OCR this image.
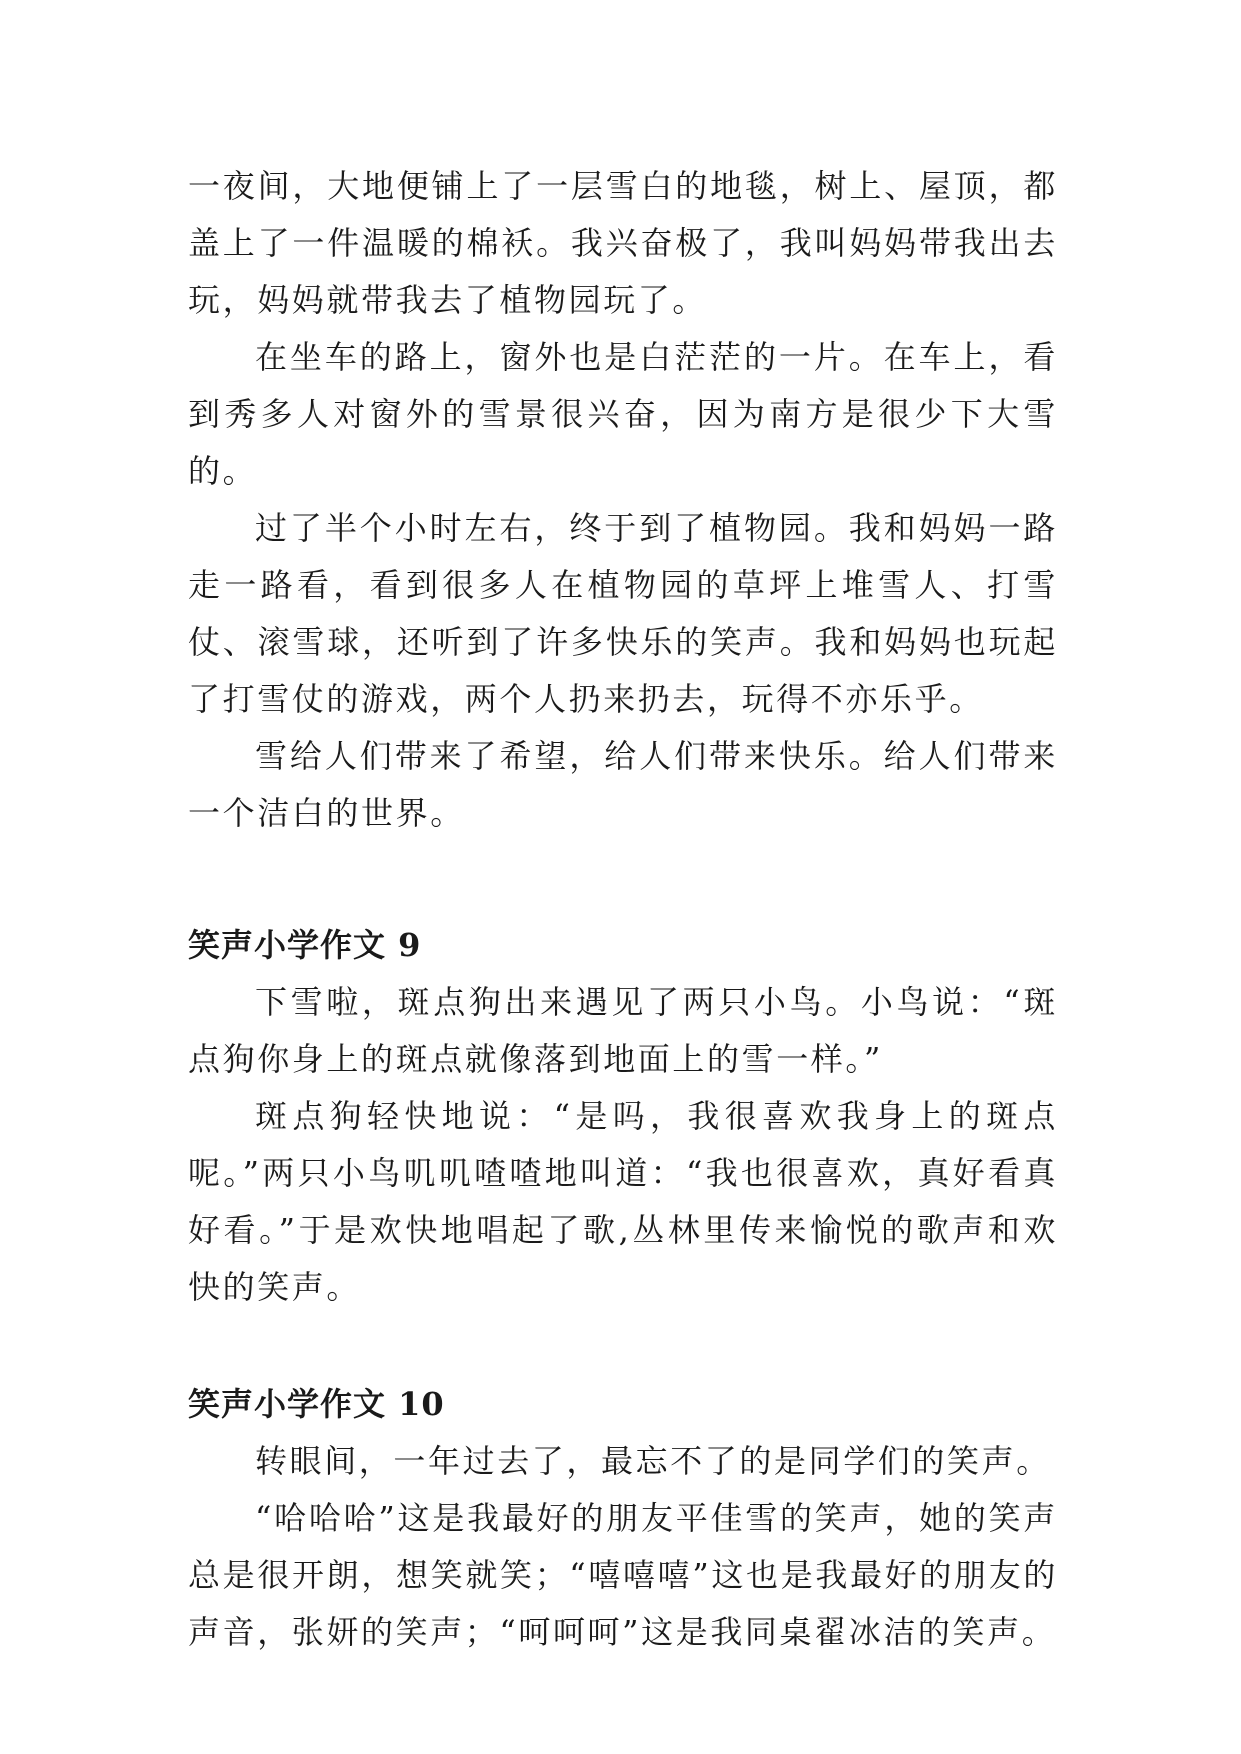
一夜间，大地便铺上了一层雪白的地毯，树上、屋顶，都盖上了一件温暖的棉袄。我兴奋极了，我叫妈妈带我出去玩，妈妈就带我去了植物园玩了。

在坐车的路上，窗外也是白茫茫的一片。在车上，看到秀多人对窗外的雪景很兴奋，因为南方是很少下大雪的。

过了半个小时左右，终于到了植物园。我和妈妈一路走一路看，看到很多人在植物园的草坪上堆雪人、打雪仗、滚雪球，还听到了许多快乐的笑声。我和妈妈也玩起了打雪仗的游戏，两个人扔来扔去，玩得不亦乐乎。

雪给人们带来了希望，给人们带来快乐。给人们带来一个洁白的世界。

笑声小学作文 9

下雪啦，斑点狗出来遇见了两只小鸟。小鸟说：“斑点狗你身上的斑点就像落到地面上的雪一样。”

斑点狗轻快地说：“是吗，我很喜欢我身上的斑点呢。”两只小鸟叽叽喳喳地叫道：“我也很喜欢，真好看真好看。”于是欢快地唱起了歌,丛林里传来愉悦的歌声和欢快的笑声。

笑声小学作文 10

转眼间，一年过去了，最忘不了的是同学们的笑声。

“哈哈哈”这是我最好的朋友平佳雪的笑声，她的笑声总是很开朗，想笑就笑；“嘻嘻嘻”这也是我最好的朋友的声音，张妍的笑声；“呵呵呵”这是我同桌翟冰洁的笑声。
